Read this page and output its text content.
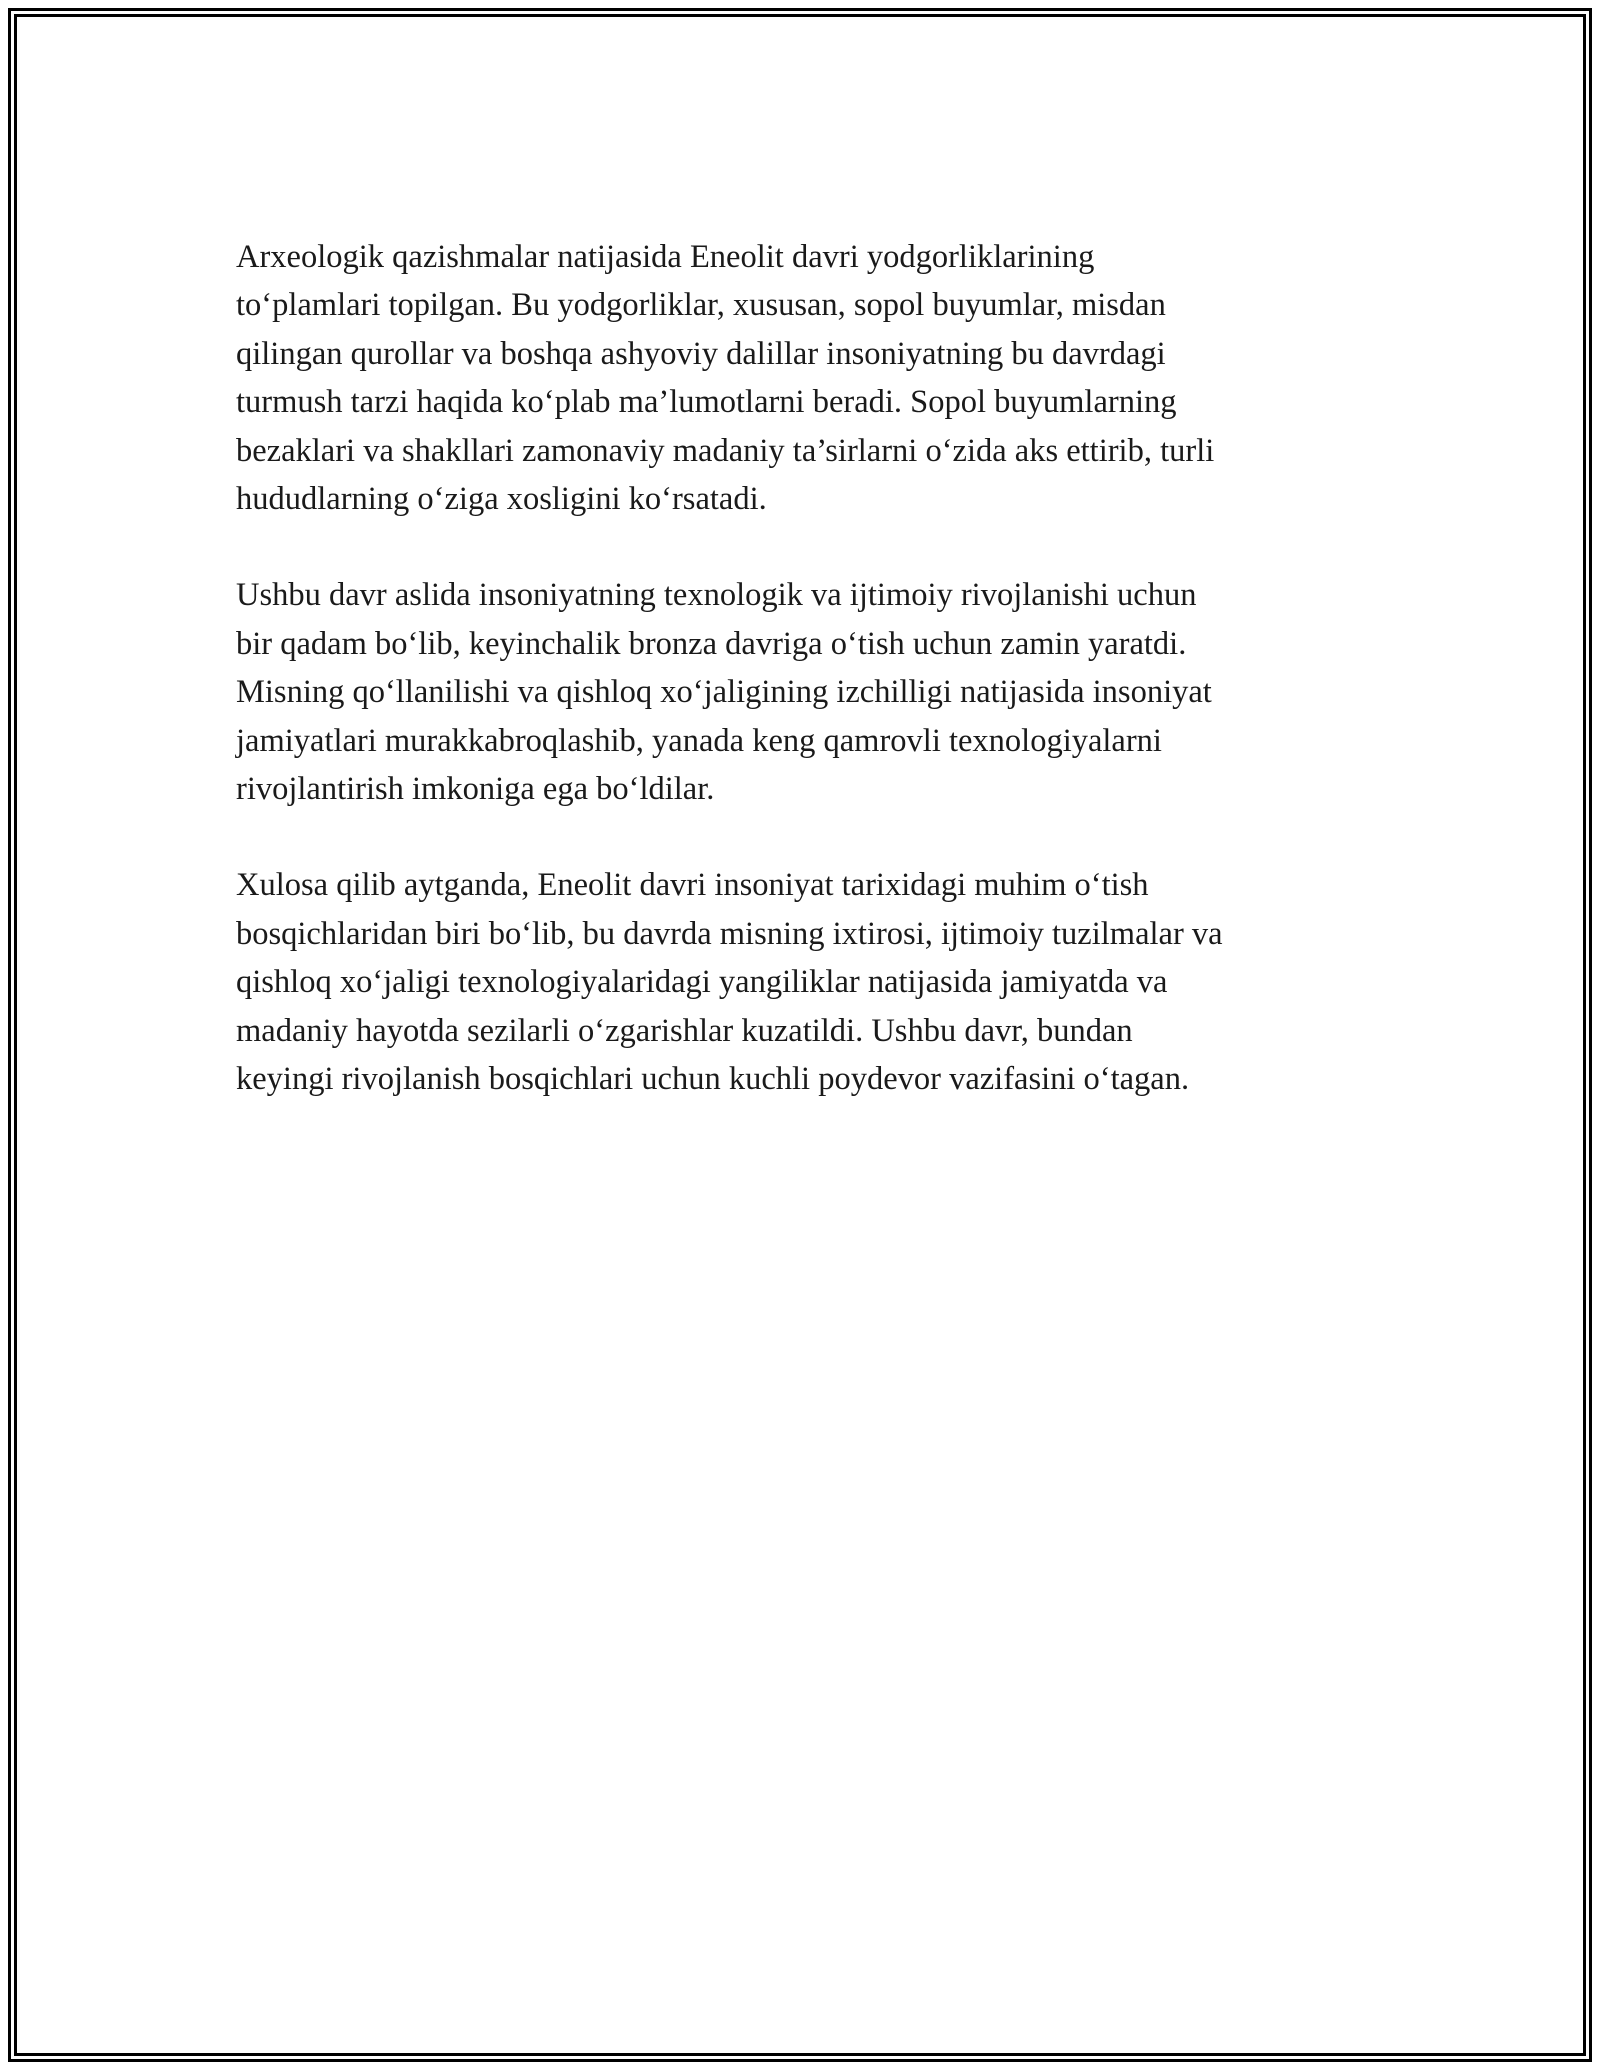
Arxeologik qazishmalar natijasida Eneolit davri yodgorliklarining
to‘plamlari topilgan. Bu yodgorliklar, xususan, sopol buyumlar, misdan
qilingan qurollar va boshqa ashyoviy dalillar insoniyatning bu davrdagi
turmush tarzi haqida ko‘plab ma’lumotlarni beradi. Sopol buyumlarning
bezaklari va shakllari zamonaviy madaniy ta’sirlarni o‘zida aks ettirib, turli
hududlarning o‘ziga xosligini ko‘rsatadi.

Ushbu davr aslida insoniyatning texnologik va ijtimoiy rivojlanishi uchun
bir qadam bo‘lib, keyinchalik bronza davriga o‘tish uchun zamin yaratdi.
Misning qo‘llanilishi va qishloq xo‘jaligining izchilligi natijasida insoniyat
jamiyatlari murakkabroqlashib, yanada keng qamrovli texnologiyalarni
rivojlantirish imkoniga ega bo‘ldilar.

Xulosa qilib aytganda, Eneolit davri insoniyat tarixidagi muhim o‘tish
bosqichlaridan biri bo‘lib, bu davrda misning ixtirosi, ijtimoiy tuzilmalar va
qishloq xo‘jaligi texnologiyalaridagi yangiliklar natijasida jamiyatda va
madaniy hayotda sezilarli o‘zgarishlar kuzatildi. Ushbu davr, bundan
keyingi rivojlanish bosqichlari uchun kuchli poydevor vazifasini o‘tagan.
